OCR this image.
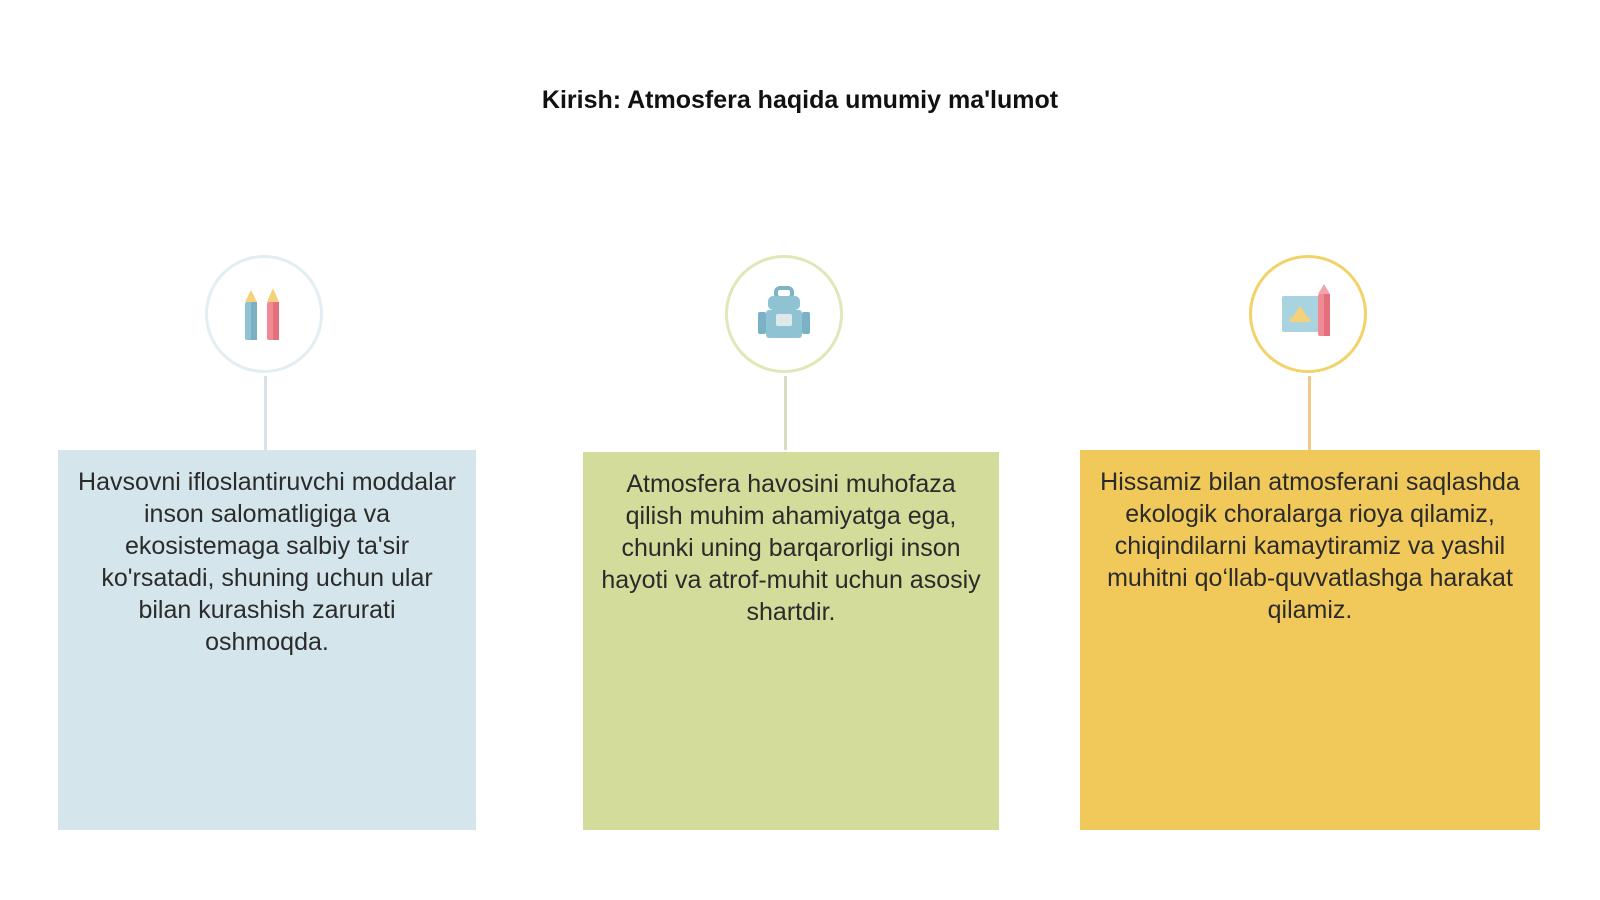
Kirish: Atmosfera haqida umumiy ma'lumot
Havsovni ifloslantiruvchi moddalar inson salomatligiga va ekosistemaga salbiy ta'sir ko'rsatadi, shuning uchun ular bilan kurashish zarurati oshmoqda.
Atmosfera havosini muhofaza qilish muhim ahamiyatga ega, chunki uning barqarorligi inson hayoti va atrof-muhit uchun asosiy shartdir.
Hissamiz bilan atmosferani saqlashda ekologik choralarga rioya qilamiz, chiqindilarni kamaytiramiz va yashil muhitni qo‘llab-quvvatlashga harakat qilamiz.
